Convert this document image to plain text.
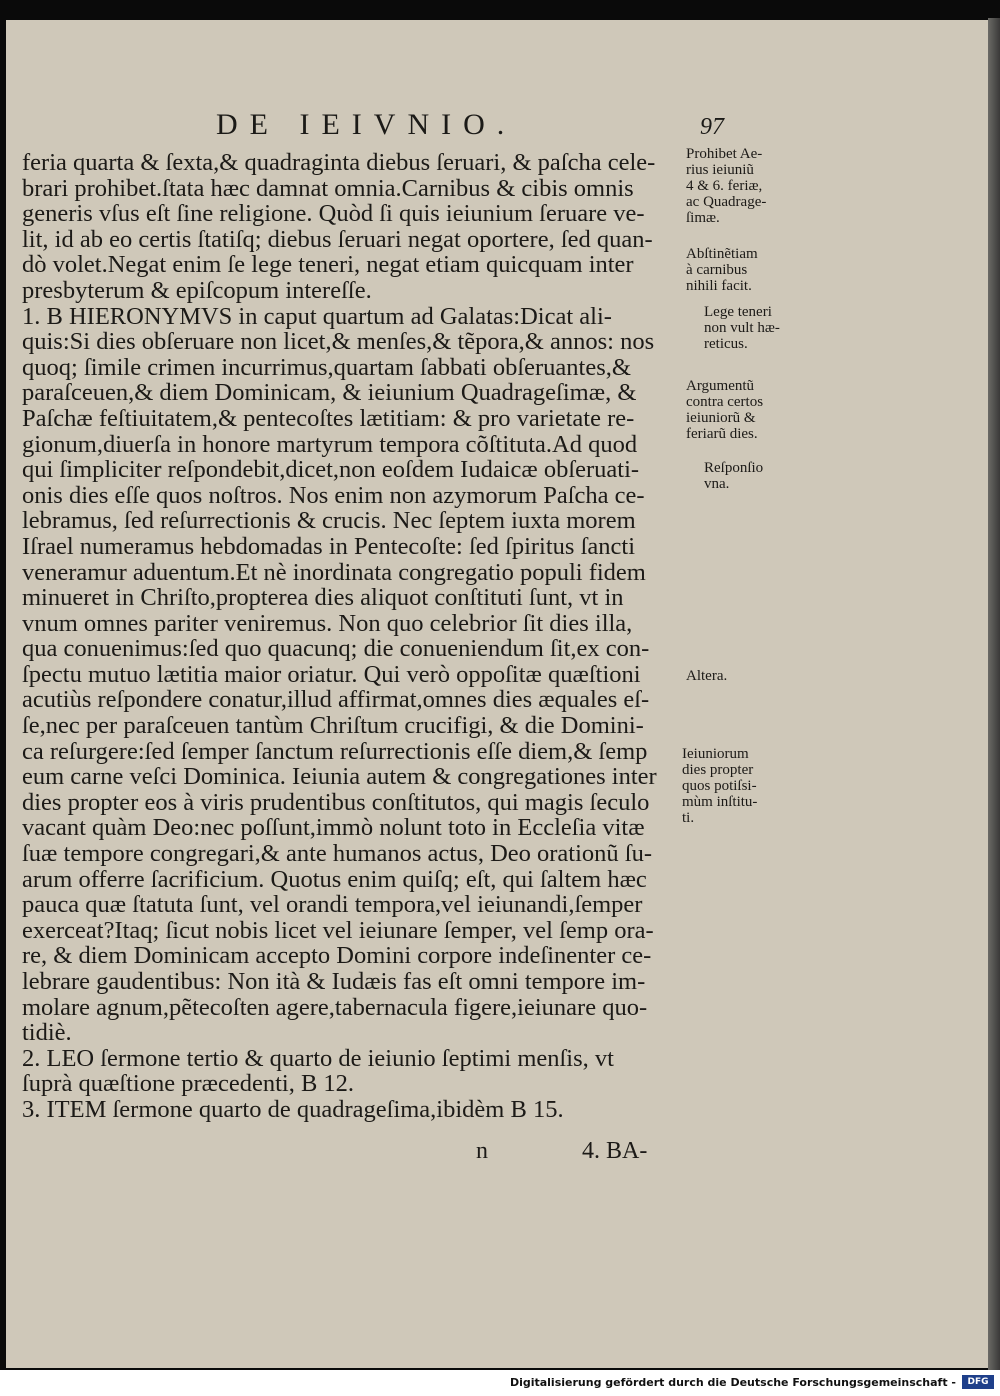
DE IEIVNIO.	97
feria quarta & ſexta,& quadraginta diebus ſeruari, & paſcha cele-
brari prohibet.ſtata hæc damnat omnia.Carnibus & cibis omnis
generis vſus eſt ſine religione. Quòd ſi quis ieiunium ſeruare ve-
lit, id ab eo certis ſtatiſq; diebus ſeruari negat oportere, ſed quan-
dò volet.Negat enim ſe lege teneri, negat etiam quicquam inter
presbyterum & epiſcopum intereſſe.
1. B HIERONYMVS in caput quartum ad Galatas:Dicat ali-
quis:Si dies obſeruare non licet,& menſes,& tẽpora,& annos: nos
quoq; ſimile crimen incurrimus,quartam ſabbati obſeruantes,&
paraſceuen,& diem Dominicam, & ieiunium Quadrageſimæ, &
Paſchæ feſtiuitatem,& pentecoſtes lætitiam: & pro varietate re-
gionum,diuerſa in honore martyrum tempora cõſtituta.Ad quod
qui ſimpliciter reſpondebit,dicet,non eoſdem Iudaicæ obſeruati-
onis dies eſſe quos noſtros. Nos enim non azymorum Paſcha ce-
lebramus, ſed reſurrectionis & crucis. Nec ſeptem iuxta morem
Iſrael numeramus hebdomadas in Pentecoſte: ſed ſpiritus ſancti
veneramur aduentum.Et nè inordinata congregatio populi fidem
minueret in Chriſto,propterea dies aliquot conſtituti ſunt, vt in
vnum omnes pariter veniremus. Non quo celebrior ſit dies illa,
qua conuenimus:ſed quo quacunq; die conueniendum ſit,ex con-
ſpectu mutuo lætitia maior oriatur. Qui verò oppoſitæ quæſtioni
acutiùs reſpondere conatur,illud affirmat,omnes dies æquales eſ-
ſe,nec per paraſceuen tantùm Chriſtum crucifigi, & die Domini-
ca reſurgere:ſed ſemper ſanctum reſurrectionis eſſe diem,& ſemp
eum carne veſci Dominica. Ieiunia autem & congregationes inter
dies propter eos à viris prudentibus conſtitutos, qui magis ſeculo
vacant quàm Deo:nec poſſunt,immò nolunt toto in Eccleſia vitæ
ſuæ tempore congregari,& ante humanos actus, Deo orationũ ſu-
arum offerre ſacrificium. Quotus enim quiſq; eſt, qui ſaltem hæc
pauca quæ ſtatuta ſunt, vel orandi tempora,vel ieiunandi,ſemper
exerceat?Itaq; ſicut nobis licet vel ieiunare ſemper, vel ſemp ora-
re, & diem Dominicam accepto Domini corpore indeſinenter ce-
lebrare gaudentibus: Non ità & Iudæis fas eſt omni tempore im-
molare agnum,pẽtecoſten agere,tabernacula figere,ieiunare quo-
tidiè.
2. LEO ſermone tertio & quarto de ieiunio ſeptimi menſis, vt
ſuprà quæſtione præcedenti, B 12.
3. ITEM ſermone quarto de quadrageſima,ibidèm B 15.
Prohibet Ae-
rius ieiuniũ
4 & 6. feriæ,
ac Quadrage-
ſimæ.
Abſtinẽtiam
à carnibus
nihili facit.
Lege teneri
non vult hæ-
reticus.
Argumentũ
contra certos
ieiuniorũ &
feriarũ dies.
Reſponſio
vna.
Altera.
Ieiuniorum
dies propter
quos potiſsi-
mùm inſtitu-
ti.
n	4. BA-
Digitalisierung gefördert durch die Deutsche Forschungsgemeinschaft -	DFG
